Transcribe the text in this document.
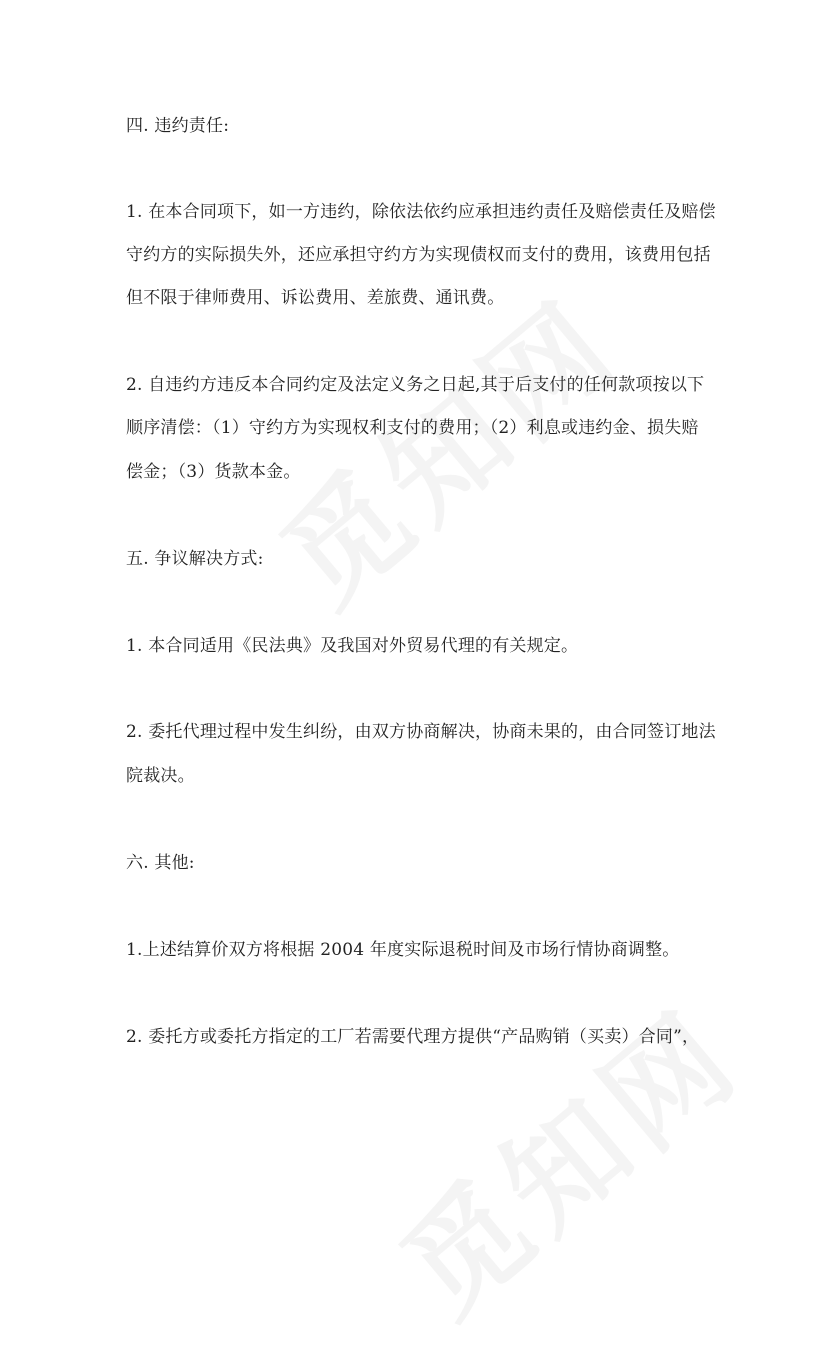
四. 违约责任:
1. 在本合同项下，如一方违约，除依法依约应承担违约责任及赔偿责任及赔偿
守约方的实际损失外，还应承担守约方为实现债权而支付的费用，该费用包括
但不限于律师费用、诉讼费用、差旅费、通讯费。
2. 自违约方违反本合同约定及法定义务之日起,其于后支付的任何款项按以下
顺序清偿：（1）守约方为实现权利支付的费用；（2）利息或违约金、损失赔
偿金；（3）货款本金。
五. 争议解决方式:
1. 本合同适用《民法典》及我国对外贸易代理的有关规定。
2. 委托代理过程中发生纠纷，由双方协商解决，协商未果的，由合同签订地法
院裁决。
六. 其他:
1.上述结算价双方将根据 2004 年度实际退税时间及市场行情协商调整。
2. 委托方或委托方指定的工厂若需要代理方提供“产品购销（买卖）合同”，
